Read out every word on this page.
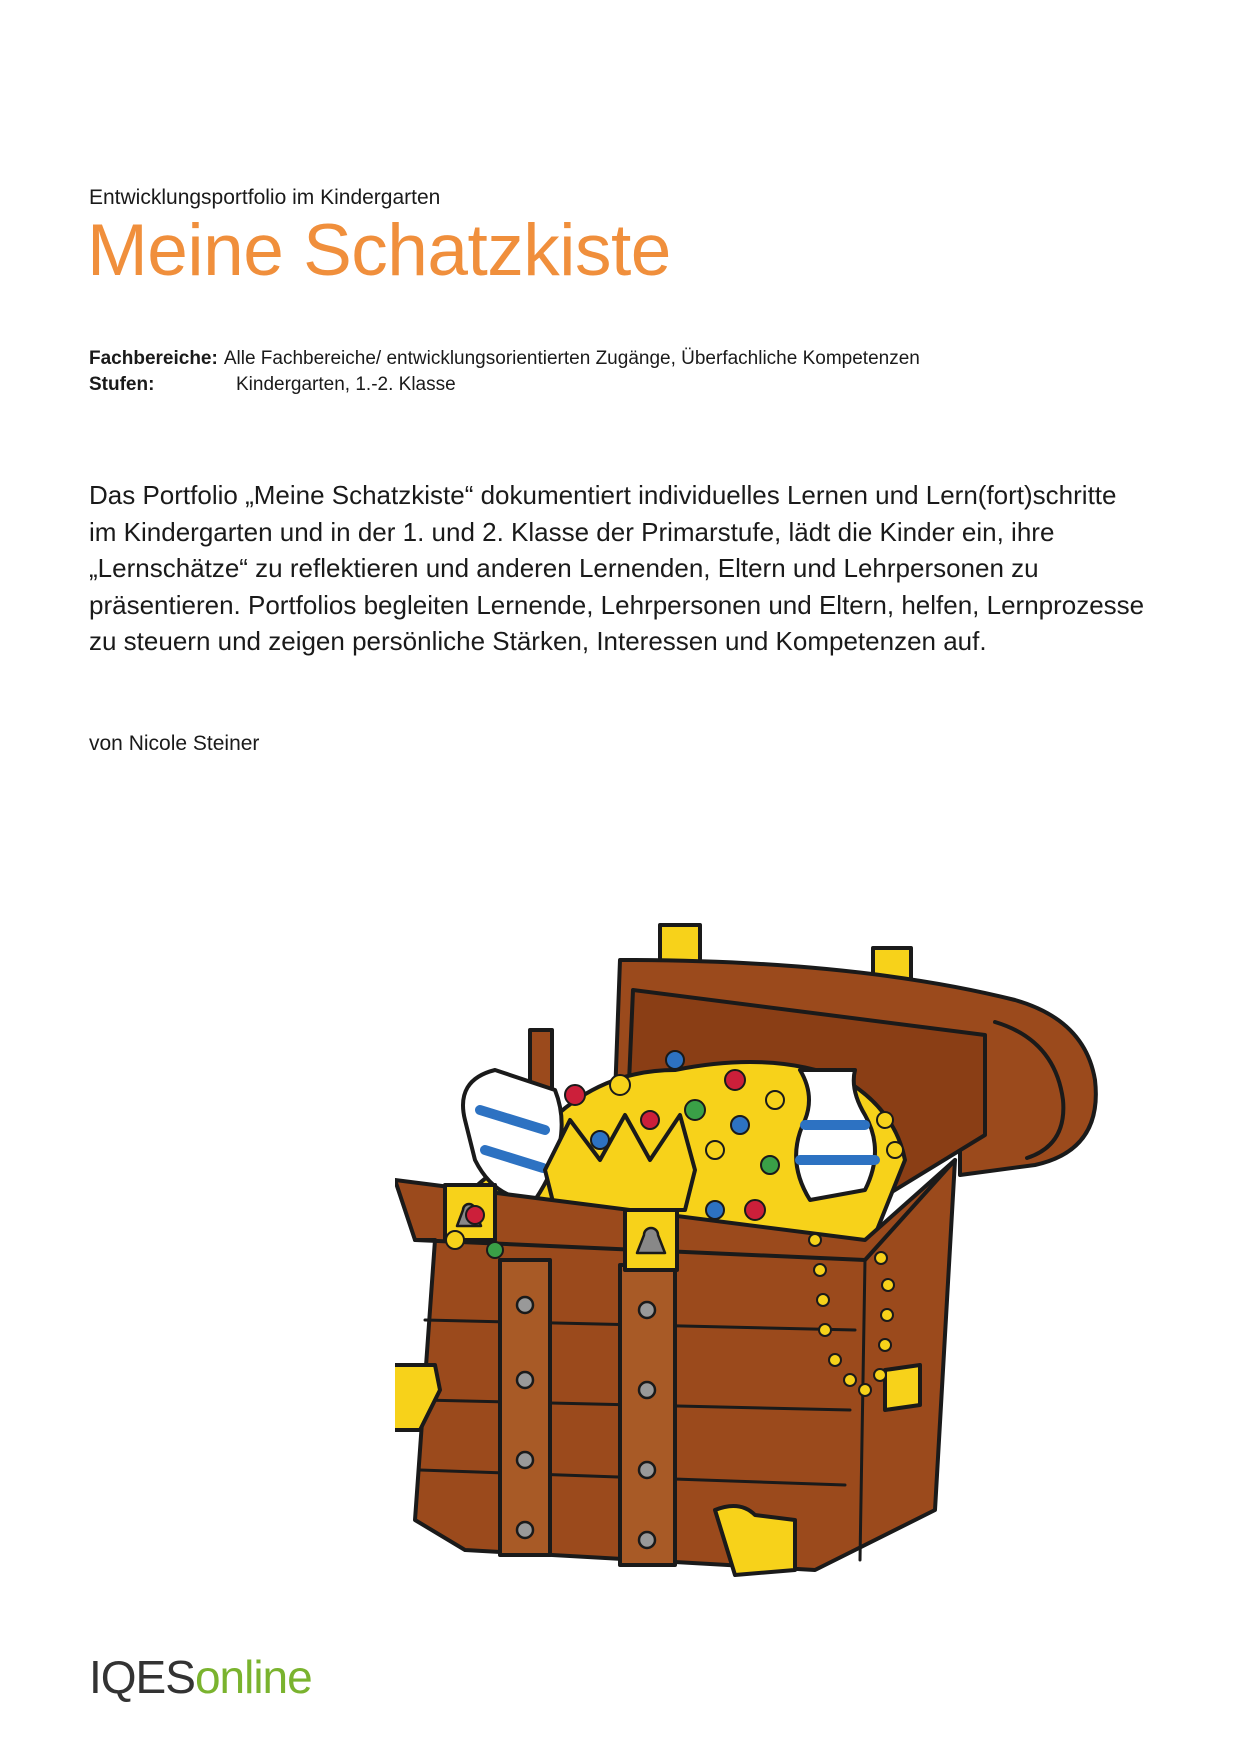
Entwicklungsportfolio im Kindergarten
Meine Schatzkiste
Fachbereiche: Alle Fachbereiche/ entwicklungsorientierten Zugänge, Überfachliche Kompetenzen
Stufen:	Kindergarten, 1.-2. Klasse

Das Portfolio „Meine Schatzkiste“ dokumentiert individuelles Lernen und Lern(fort)schritte im Kindergarten und in der 1. und 2. Klasse der Primarstufe, lädt die Kinder ein, ihre „Lernschätze“ zu reflektieren und anderen Lernenden, Eltern und Lehrpersonen zu präsentieren. Portfolios begleiten Lernende, Lehrpersonen und Eltern, helfen, Lernprozesse zu steuern und zeigen persönliche Stärken, Interessen und Kompetenzen auf.

von Nicole Steiner
IQESonline
